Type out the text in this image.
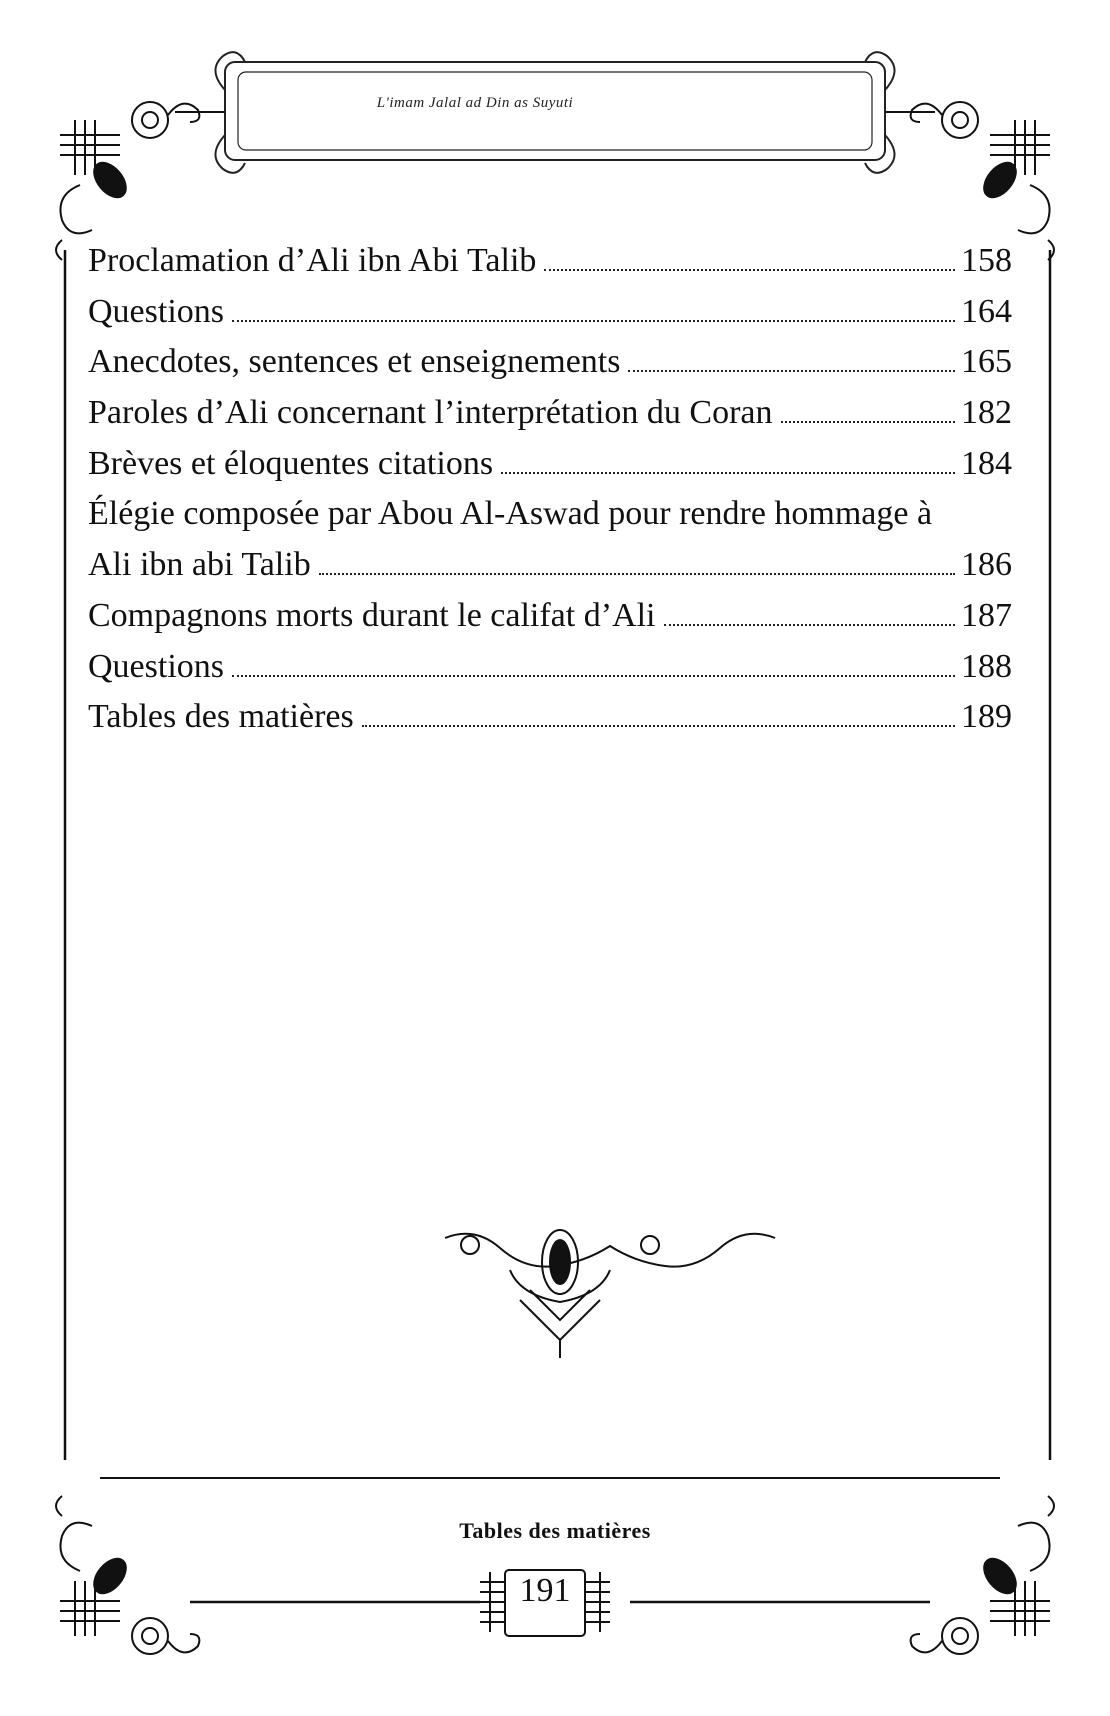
L'imam Jalal ad Din as Suyuti
Proclamation d’Ali ibn Abi Talib	158
Questions	164
Anecdotes, sentences et enseignements	165
Paroles d’Ali concernant l’interprétation du Coran	182
Brèves et éloquentes citations	184
Élégie composée par Abou Al-Aswad pour rendre hommage à
Ali ibn abi Talib	186
Compagnons morts durant le califat d’Ali	187
Questions	188
Tables des matières	189
Tables des matières
191
